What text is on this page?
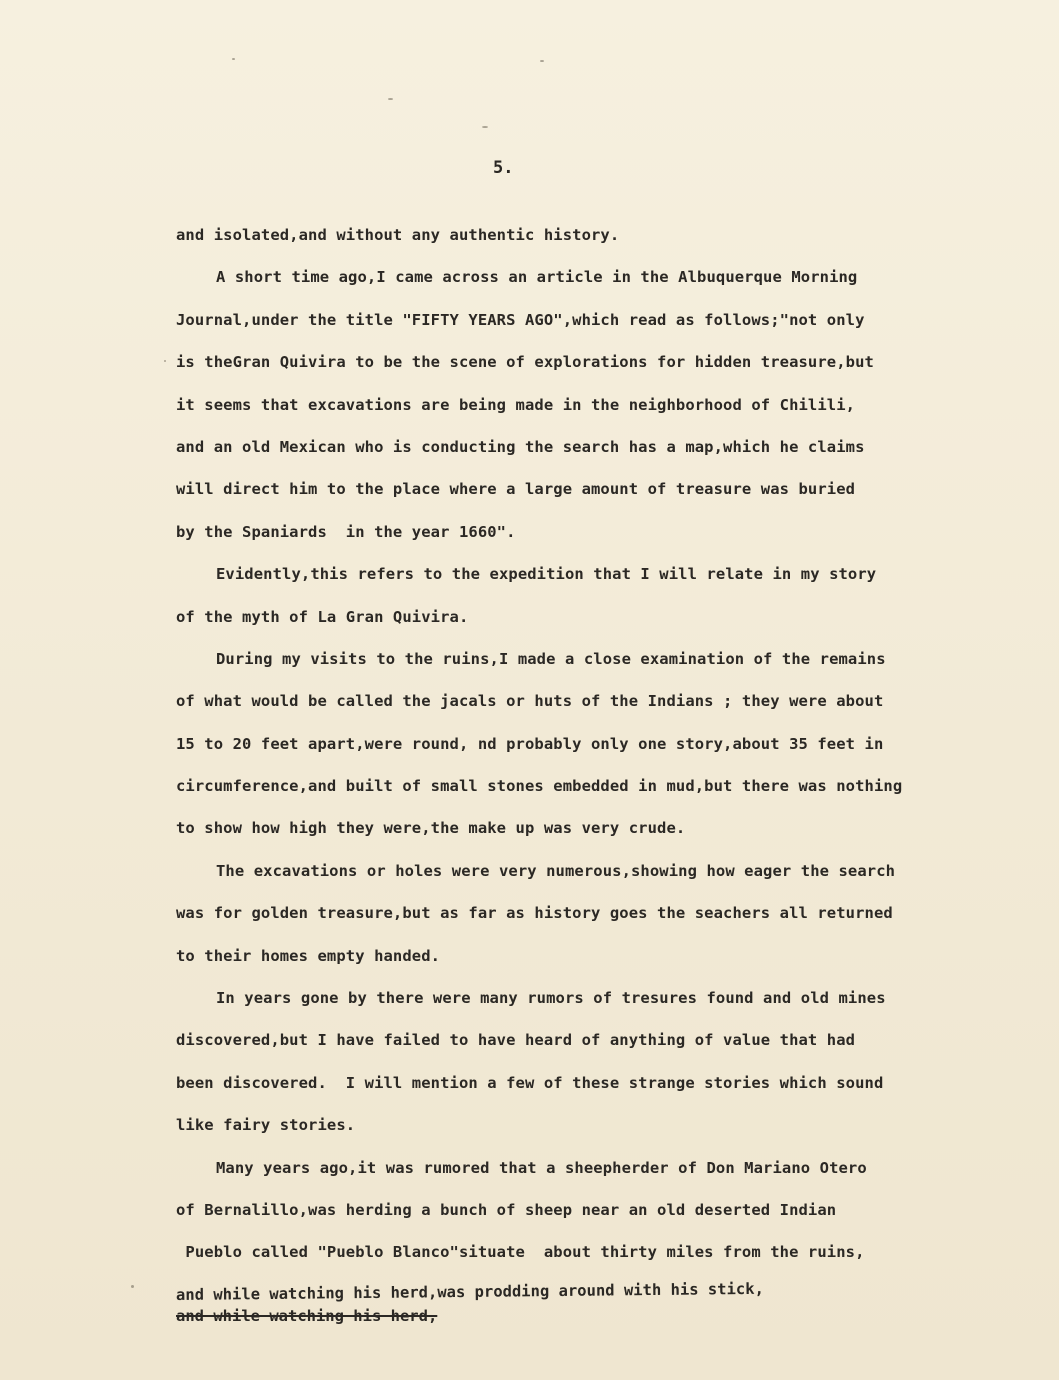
5.

and isolated,and without any authentic history.
A short time ago,I came across an article in the Albuquerque Morning
Journal,under the title "FIFTY YEARS AGO",which read as follows;"not only
is theGran Quivira to be the scene of explorations for hidden treasure,but
it seems that excavations are being made in the neighborhood of Chilili,
and an old Mexican who is conducting the search has a map,which he claims
will direct him to the place where a large amount of treasure was buried
by the Spaniards  in the year 1660".
Evidently,this refers to the expedition that I will relate in my story
of the myth of La Gran Quivira.
During my visits to the ruins,I made a close examination of the remains
of what would be called the jacals or huts of the Indians ; they were about
15 to 20 feet apart,were round, nd probably only one story,about 35 feet in
circumference,and built of small stones embedded in mud,but there was nothing
to show how high they were,the make up was very crude.
The excavations or holes were very numerous,showing how eager the search
was for golden treasure,but as far as history goes the seachers all returned
to their homes empty handed.
In years gone by there were many rumors of tresures found and old mines
discovered,but I have failed to have heard of anything of value that had
been discovered.  I will mention a few of these strange stories which sound
like fairy stories.
Many years ago,it was rumored that a sheepherder of Don Mariano Otero
of Bernalillo,was herding a bunch of sheep near an old deserted Indian
Pueblo called "Pueblo Blanco"situate  about thirty miles from the ruins,
and while watching his herd,was prodding around with his stick,
and while watching his herd,
